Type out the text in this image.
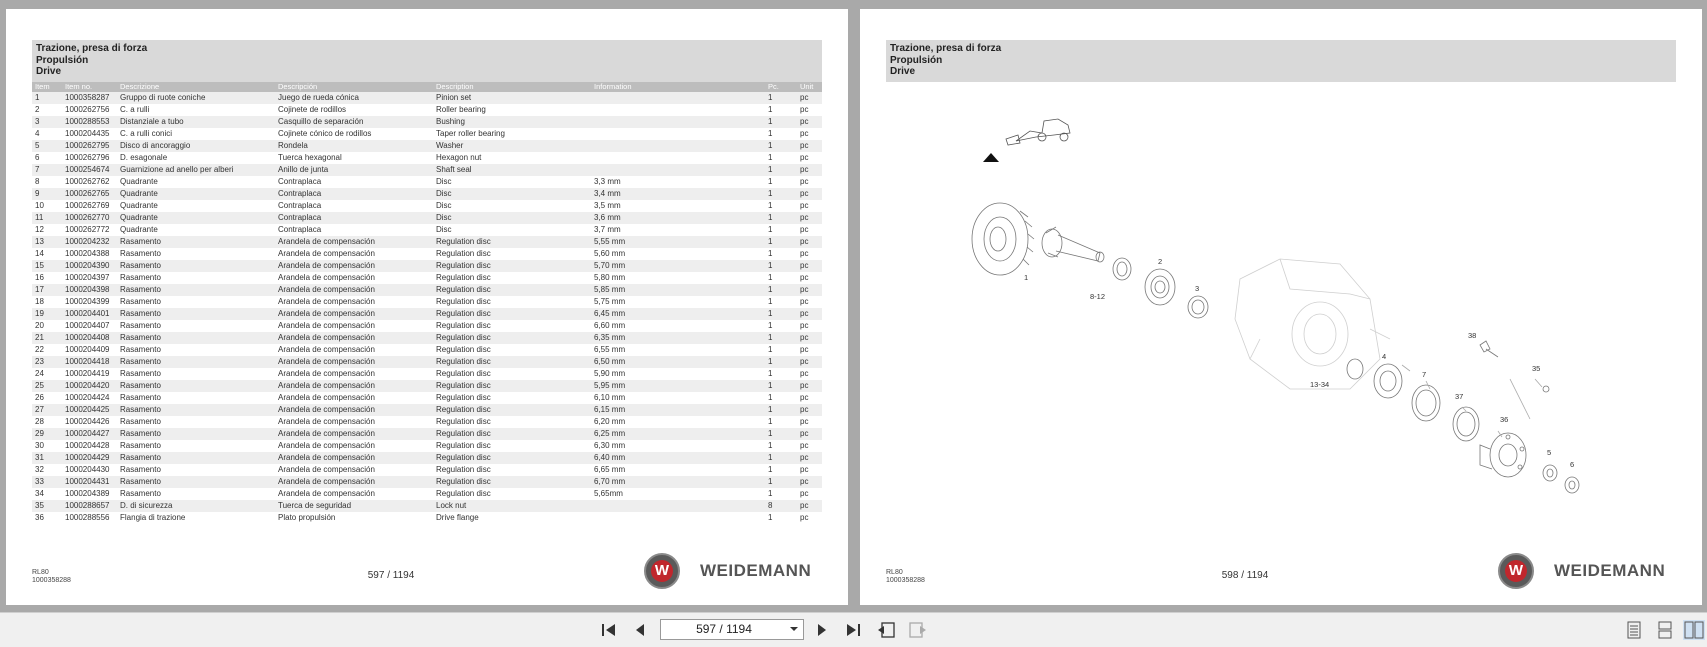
Trazione, presa di forza
Propulsión
Drive
Item	Item no.	Descrizione	Descripción	Description	Information	Pc.	Unit
1	1000358287	Gruppo di ruote coniche	Juego de rueda cónica	Pinion set		1	pc
2	1000262756	C. a rulli	Cojinete de rodillos	Roller bearing		1	pc
3	1000288553	Distanziale a tubo	Casquillo de separación	Bushing		1	pc
4	1000204435	C. a rulli conici	Cojinete cónico de rodillos	Taper roller bearing		1	pc
5	1000262795	Disco di ancoraggio	Rondela	Washer		1	pc
6	1000262796	D. esagonale	Tuerca hexagonal	Hexagon nut		1	pc
7	1000254674	Guarnizione ad anello per alberi	Anillo de junta	Shaft seal		1	pc
8	1000262762	Quadrante	Contraplaca	Disc	3,3 mm	1	pc
9	1000262765	Quadrante	Contraplaca	Disc	3,4 mm	1	pc
10	1000262769	Quadrante	Contraplaca	Disc	3,5 mm	1	pc
11	1000262770	Quadrante	Contraplaca	Disc	3,6 mm	1	pc
12	1000262772	Quadrante	Contraplaca	Disc	3,7 mm	1	pc
13	1000204232	Rasamento	Arandela de compensación	Regulation disc	5,55 mm	1	pc
14	1000204388	Rasamento	Arandela de compensación	Regulation disc	5,60 mm	1	pc
15	1000204390	Rasamento	Arandela de compensación	Regulation disc	5,70 mm	1	pc
16	1000204397	Rasamento	Arandela de compensación	Regulation disc	5,80 mm	1	pc
17	1000204398	Rasamento	Arandela de compensación	Regulation disc	5,85 mm	1	pc
18	1000204399	Rasamento	Arandela de compensación	Regulation disc	5,75 mm	1	pc
19	1000204401	Rasamento	Arandela de compensación	Regulation disc	6,45 mm	1	pc
20	1000204407	Rasamento	Arandela de compensación	Regulation disc	6,60 mm	1	pc
21	1000204408	Rasamento	Arandela de compensación	Regulation disc	6,35 mm	1	pc
22	1000204409	Rasamento	Arandela de compensación	Regulation disc	6,55 mm	1	pc
23	1000204418	Rasamento	Arandela de compensación	Regulation disc	6,50 mm	1	pc
24	1000204419	Rasamento	Arandela de compensación	Regulation disc	5,90 mm	1	pc
25	1000204420	Rasamento	Arandela de compensación	Regulation disc	5,95 mm	1	pc
26	1000204424	Rasamento	Arandela de compensación	Regulation disc	6,10 mm	1	pc
27	1000204425	Rasamento	Arandela de compensación	Regulation disc	6,15 mm	1	pc
28	1000204426	Rasamento	Arandela de compensación	Regulation disc	6,20 mm	1	pc
29	1000204427	Rasamento	Arandela de compensación	Regulation disc	6,25 mm	1	pc
30	1000204428	Rasamento	Arandela de compensación	Regulation disc	6,30 mm	1	pc
31	1000204429	Rasamento	Arandela de compensación	Regulation disc	6,40 mm	1	pc
32	1000204430	Rasamento	Arandela de compensación	Regulation disc	6,65 mm	1	pc
33	1000204431	Rasamento	Arandela de compensación	Regulation disc	6,70 mm	1	pc
34	1000204389	Rasamento	Arandela de compensación	Regulation disc	5,65mm	1	pc
35	1000288657	D. di sicurezza	Tuerca de seguridad	Lock nut		8	pc
36	1000288556	Flangia di trazione	Plato propulsión	Drive flange		1	pc
RL80
1000358288	597 / 1194	W WEIDEMANN
Trazione, presa di forza
Propulsión
Drive
1
8-12
2
3
13-34
4
7
37
38
35
36
5
6
RL80
1000358288	598 / 1194	W WEIDEMANN
597 / 1194
